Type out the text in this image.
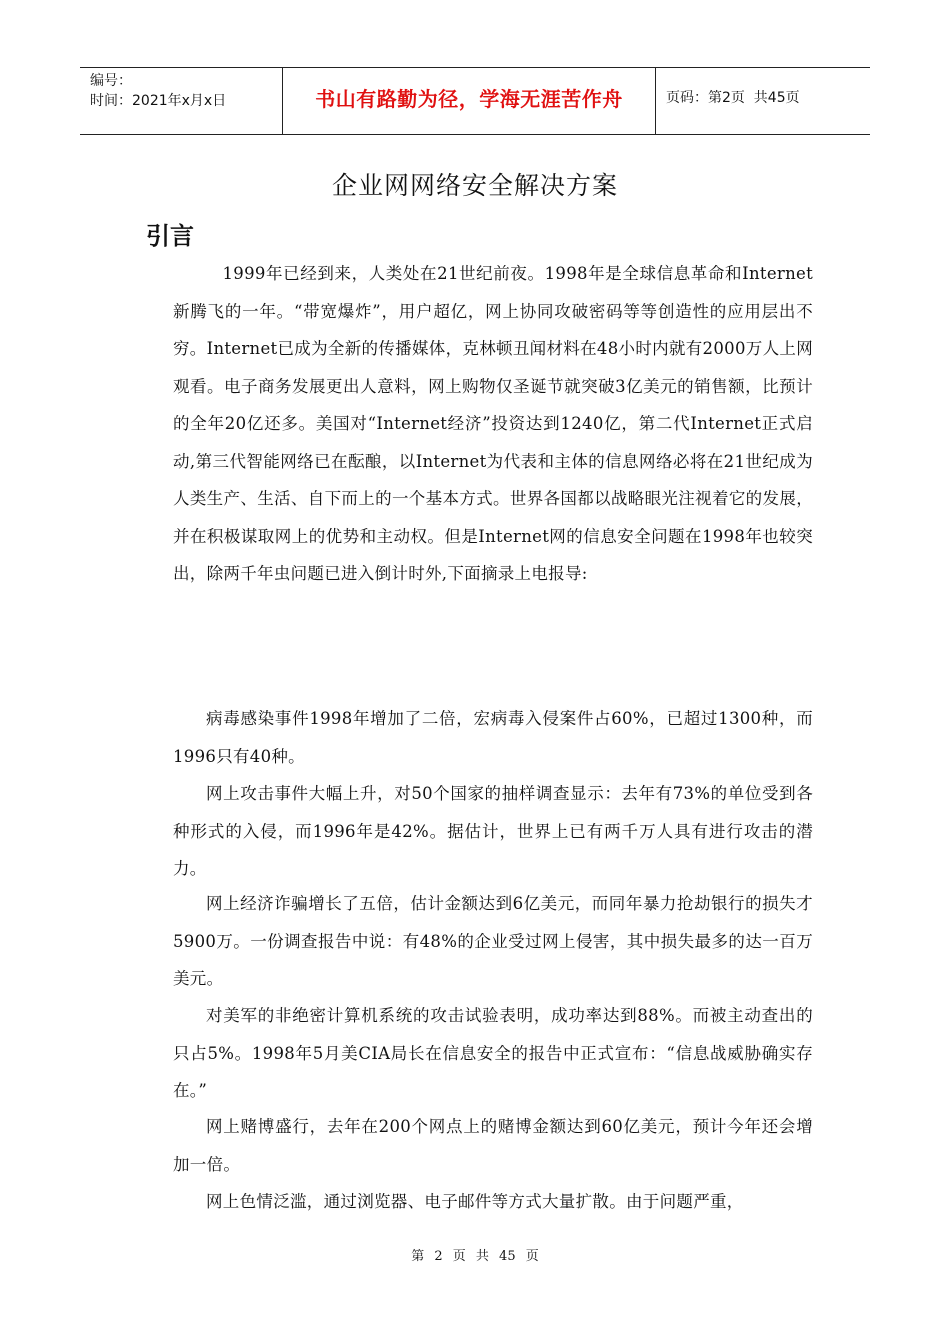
编号：
时间：2021年x月x日	书山有路勤为径，学海无涯苦作舟	页码：第2页  共45页
企业网网络安全解决方案
引言
1999年已经到来，人类处在21世纪前夜。1998年是全球信息革命和Internet新腾飞的一年。“带宽爆炸”，用户超亿，网上协同攻破密码等等创造性的应用层出不穷。Internet已成为全新的传播媒体，克林顿丑闻材料在48小时内就有2000万人上网观看。电子商务发展更出人意料，网上购物仅圣诞节就突破3亿美元的销售额，比预计的全年20亿还多。美国对“Internet经济”投资达到1240亿，第二代Internet正式启动,第三代智能网络已在酝酿，以Internet为代表和主体的信息网络必将在21世纪成为人类生产、生活、自下而上的一个基本方式。世界各国都以战略眼光注视着它的发展，并在积极谋取网上的优势和主动权。但是Internet网的信息安全问题在1998年也较突出，除两千年虫问题已进入倒计时外,下面摘录上电报导:
病毒感染事件1998年增加了二倍，宏病毒入侵案件占60%，已超过1300种，而1996只有40种。
网上攻击事件大幅上升，对50个国家的抽样调查显示：去年有73%的单位受到各种形式的入侵，而1996年是42%。据估计，世界上已有两千万人具有进行攻击的潜力。
网上经济诈骗增长了五倍，估计金额达到6亿美元，而同年暴力抢劫银行的损失才5900万。一份调查报告中说：有48%的企业受过网上侵害，其中损失最多的达一百万美元。
对美军的非绝密计算机系统的攻击试验表明，成功率达到88%。而被主动查出的只占5%。1998年5月美CIA局长在信息安全的报告中正式宣布：“信息战威胁确实存在。”
网上赌博盛行，去年在200个网点上的赌博金额达到60亿美元，预计今年还会增加一倍。
网上色情泛滥，通过浏览器、电子邮件等方式大量扩散。由于问题严重，
第 2 页 共 45 页
